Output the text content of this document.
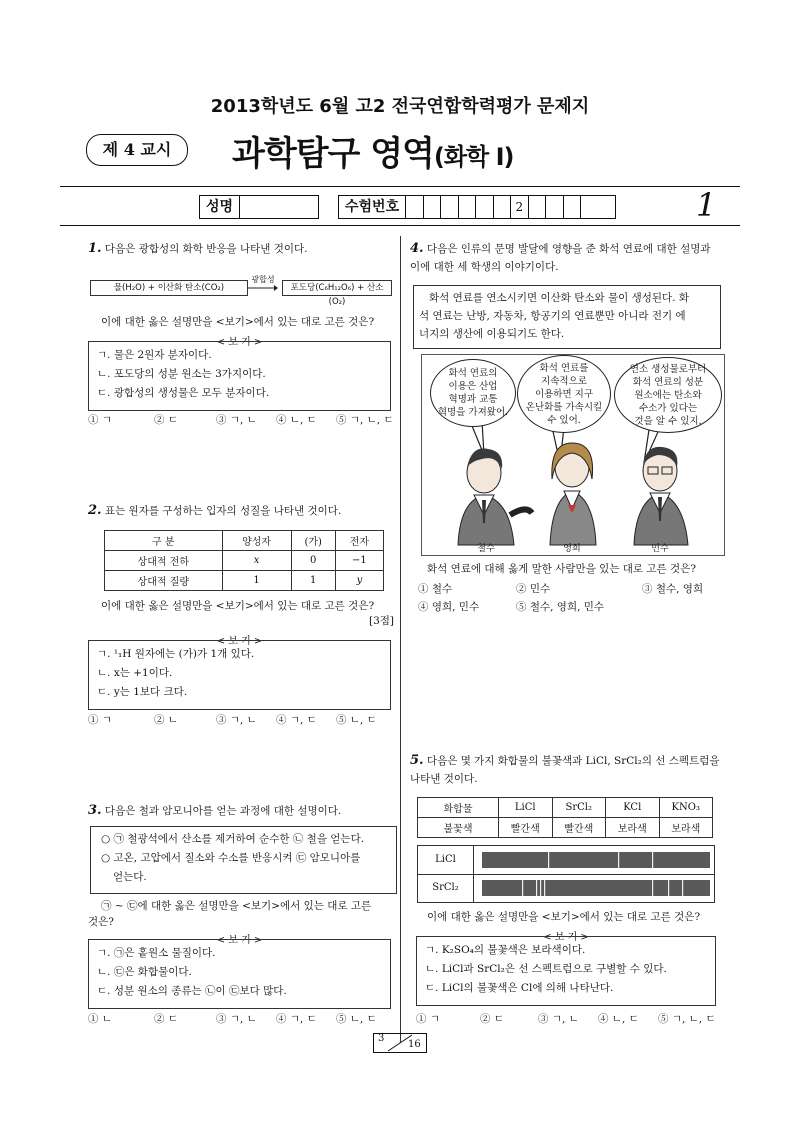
2013학년도 6월 고2 전국연합학력평가 문제지
제 4 교시	과학탐구 영역(화학 Ⅰ)
성명	수험번호	2	1
1. 다음은 광합성의 화학 반응을 나타낸 것이다.
물(H₂O) + 이산화 탄소(CO₂)
광합성
→	포도당(C₆H₁₂O₆) + 산소(O₂)
이에 대한 옳은 설명만을 <보기>에서 있는 대로 고른 것은?
< 보 기 >
ㄱ. 물은 2원자 분자이다.
ㄴ. 포도당의 성분 원소는 3가지이다.
ㄷ. 광합성의 생성물은 모두 분자이다.
① ㄱ	② ㄷ	③ ㄱ, ㄴ	④ ㄴ, ㄷ	⑤ ㄱ, ㄴ, ㄷ
2. 표는 원자를 구성하는 입자의 성질을 나타낸 것이다.
구 분	양성자	(가)	전자
상대적 전하	x	0	−1
상대적 질량	1	1	y
이에 대한 옳은 설명만을 <보기>에서 있는 대로 고른 것은?
[3점]
< 보 기 >
ㄱ. ¹₁H 원자에는 (가)가 1개 있다.
ㄴ. x는 +1이다.
ㄷ. y는 1보다 크다.
① ㄱ	② ㄴ	③ ㄱ, ㄴ	④ ㄱ, ㄷ	⑤ ㄴ, ㄷ
3. 다음은 철과 암모니아를 얻는 과정에 대한 설명이다.
○ ㉠ 철광석에서 산소를 제거하여 순수한 ㉡ 철을 얻는다.
○ 고온, 고압에서 질소와 수소를 반응시켜 ㉢ 암모니아를
얻는다.
㉠ ~ ㉢에 대한 옳은 설명만을 <보기>에서 있는 대로 고른
것은?
< 보 기 >
ㄱ. ㉠은 홑원소 물질이다.
ㄴ. ㉢은 화합물이다.
ㄷ. 성분 원소의 종류는 ㉡이 ㉢보다 많다.
① ㄴ	② ㄷ	③ ㄱ, ㄴ	④ ㄱ, ㄷ	⑤ ㄴ, ㄷ
4. 다음은 인류의 문명 발달에 영향을 준 화석 연료에 대한 설명과
이에 대한 세 학생의 이야기이다.
화석 연료를 연소시키면 이산화 탄소와 물이 생성된다. 화
석 연료는 난방, 자동차, 항공기의 연료뿐만 아니라 전기 에
너지의 생산에 이용되기도 한다.
화석 연료의
이용은 산업
혁명과 교통
혁명을 가져왔어.
화석 연료를
지속적으로
이용하면 지구
온난화를 가속시킬
수 있어.
연소 생성물로부터
화석 연료의 성분
원소에는 탄소와
수소가 있다는
것을 알 수 있지.
철수	영희	민수
화석 연료에 대해 옳게 말한 사람만을 있는 대로 고른 것은?
① 철수	② 민수	③ 철수, 영희
④ 영희, 민수	⑤ 철수, 영희, 민수
5. 다음은 몇 가지 화합물의 불꽃색과 LiCl, SrCl₂의 선 스펙트럼을
나타낸 것이다.
화합물	LiCl	SrCl₂	KCl	KNO₃
불꽃색	빨간색	빨간색	보라색	보라색
LiCl
SrCl₂
이에 대한 옳은 설명만을 <보기>에서 있는 대로 고른 것은?
< 보 기 >
ㄱ. K₂SO₄의 불꽃색은 보라색이다.
ㄴ. LiCl과 SrCl₂은 선 스펙트럼으로 구별할 수 있다.
ㄷ. LiCl의 불꽃색은 Cl에 의해 나타난다.
① ㄱ	② ㄷ	③ ㄱ, ㄴ	④ ㄴ, ㄷ	⑤ ㄱ, ㄴ, ㄷ
3
16
